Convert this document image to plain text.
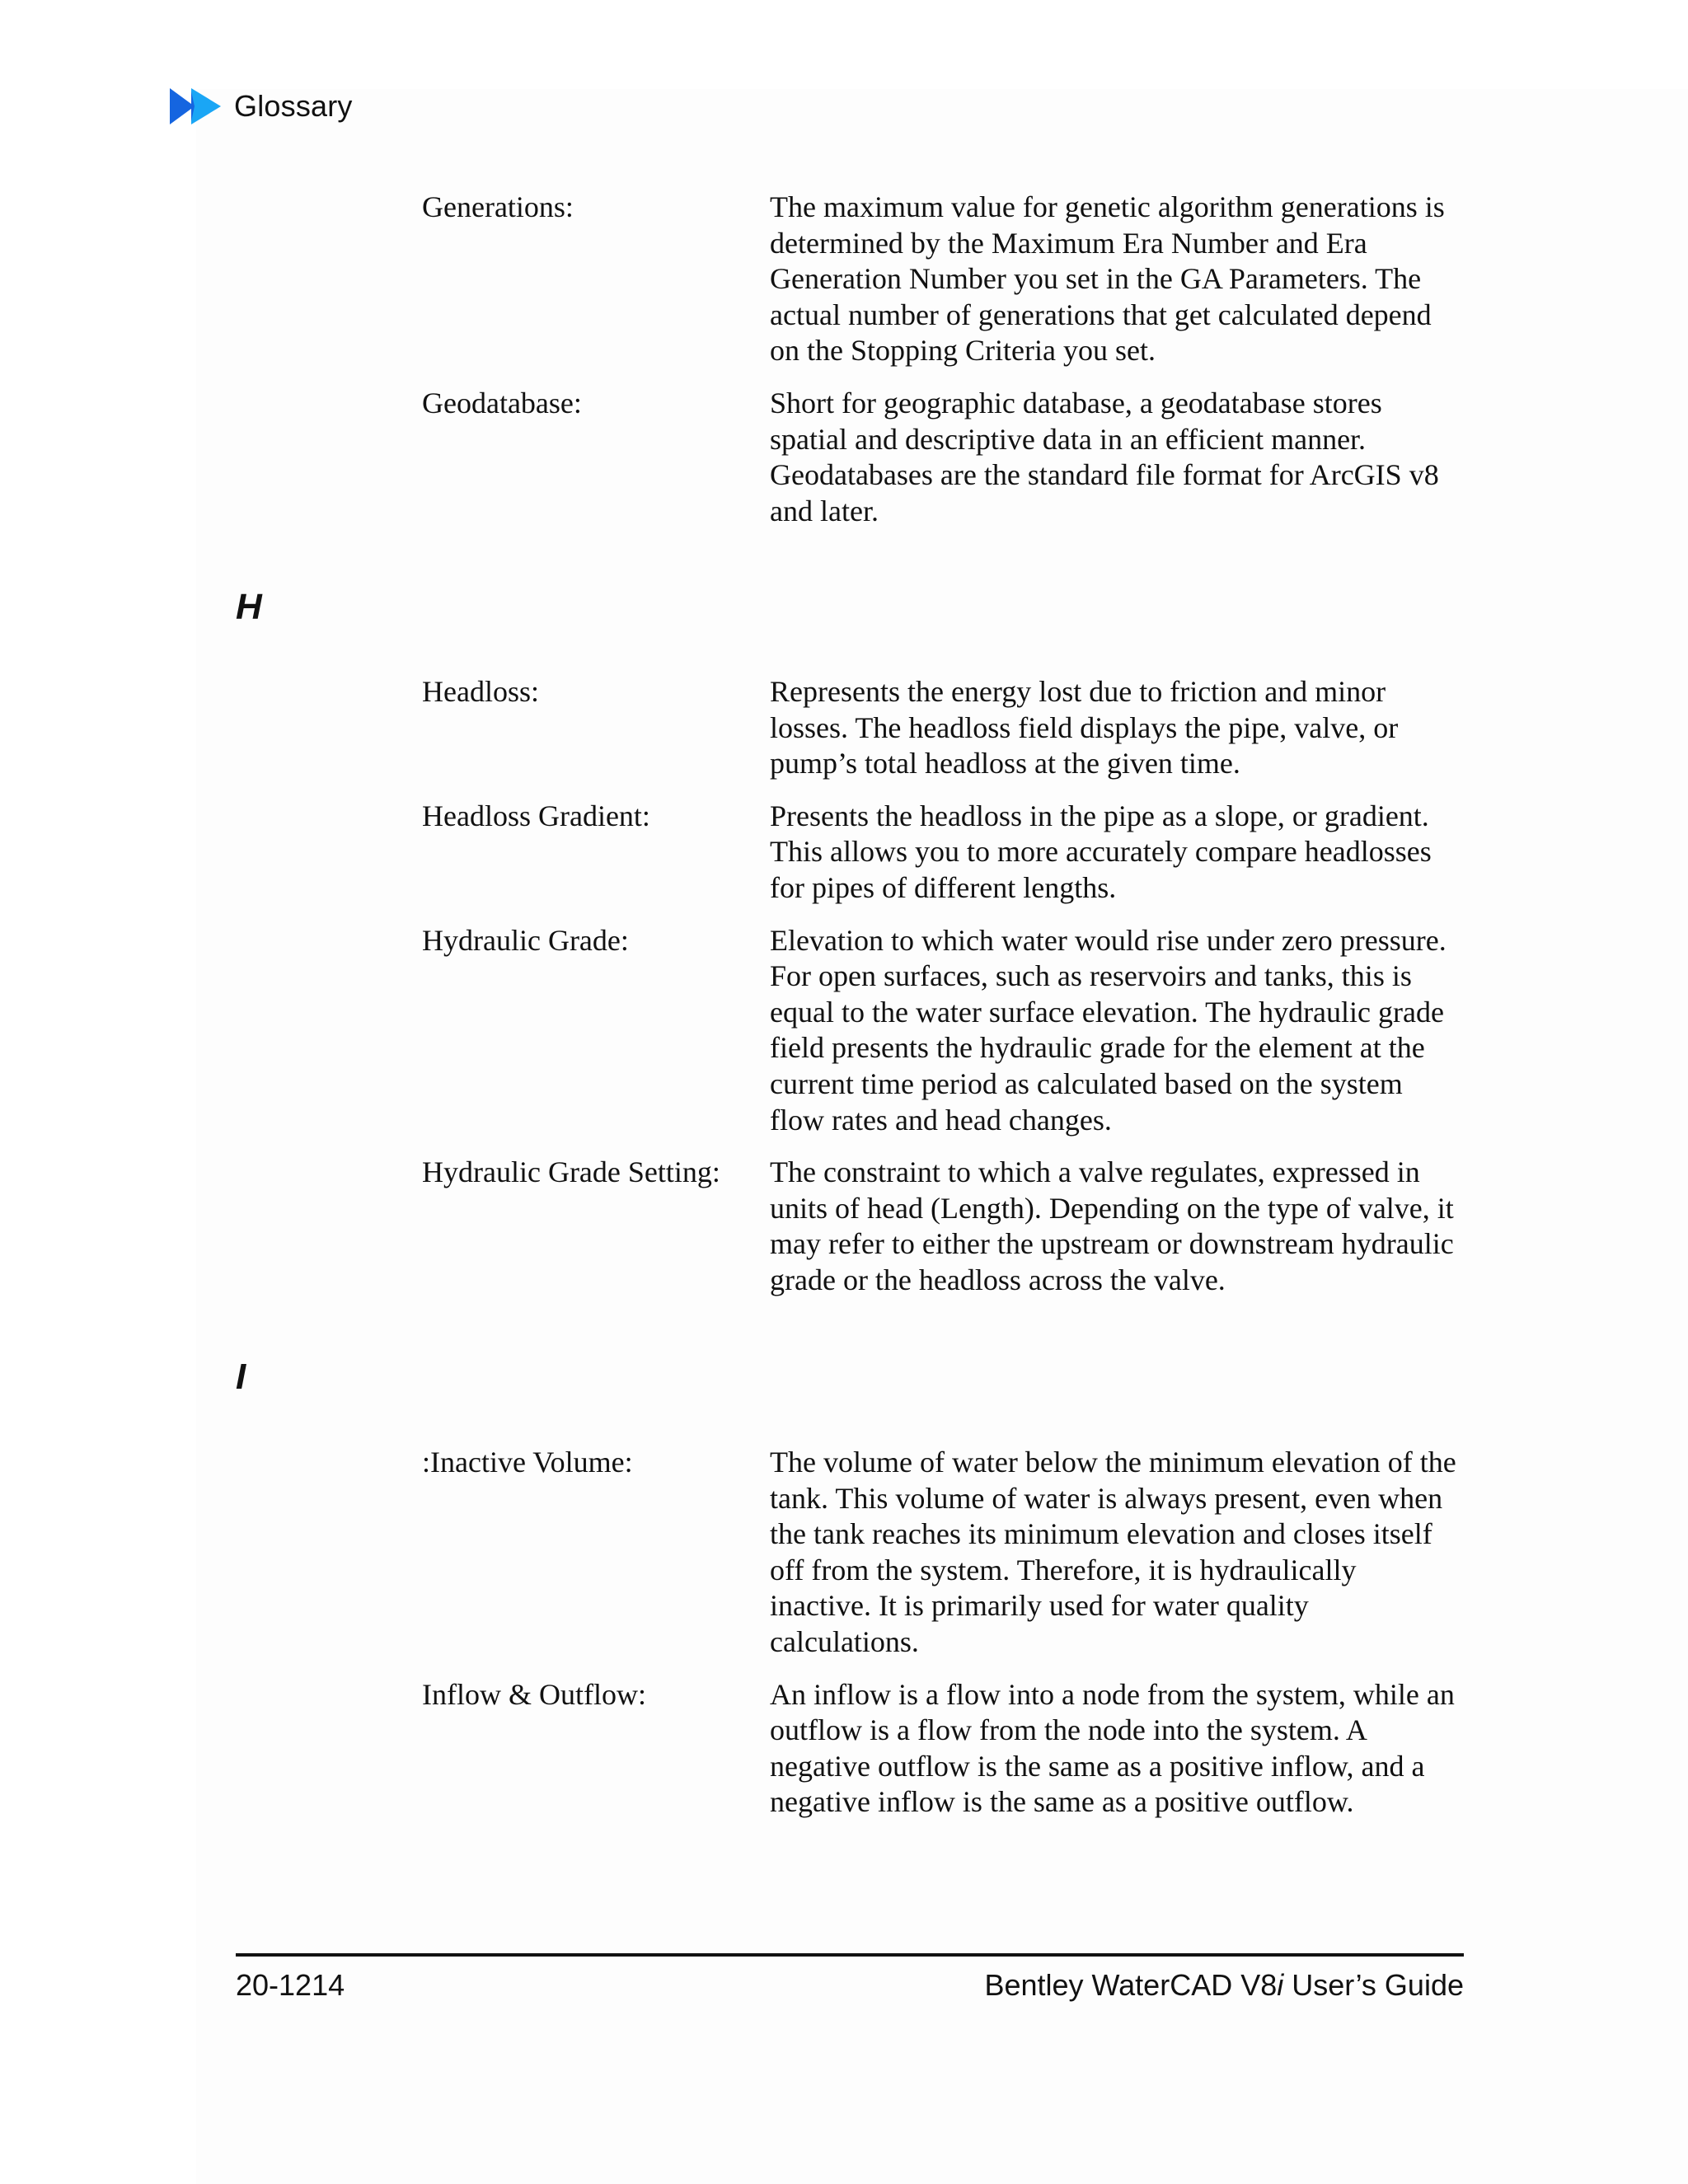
Glossary
Generations:	The maximum value for genetic algorithm generations is determined by the Maximum Era Number and Era Generation Number you set in the GA Parameters. The actual number of generations that get calculated depend on the Stopping Criteria you set.
Geodatabase:	Short for geographic database, a geodatabase stores spatial and descriptive data in an efficient manner. Geodatabases are the standard file format for ArcGIS v8 and later.
H
Headloss:	Represents the energy lost due to friction and minor losses. The headloss field displays the pipe, valve, or pump’s total headloss at the given time.
Headloss Gradient:	Presents the headloss in the pipe as a slope, or gradient. This allows you to more accurately compare headlosses for pipes of different lengths.
Hydraulic Grade:	Elevation to which water would rise under zero pressure. For open surfaces, such as reservoirs and tanks, this is equal to the water surface elevation. The hydraulic grade field presents the hydraulic grade for the element at the current time period as calculated based on the system flow rates and head changes.
Hydraulic Grade Setting:	The constraint to which a valve regulates, expressed in units of head (Length). Depending on the type of valve, it may refer to either the upstream or downstream hydraulic grade or the headloss across the valve.
I
:Inactive Volume:	The volume of water below the minimum elevation of the tank. This volume of water is always present, even when the tank reaches its minimum elevation and closes itself off from the system. Therefore, it is hydraulically inactive. It is primarily used for water quality calculations.
Inflow & Outflow:	An inflow is a flow into a node from the system, while an outflow is a flow from the node into the system. A negative outflow is the same as a positive inflow, and a negative inflow is the same as a positive outflow.
20-1214	Bentley WaterCAD V8i User’s Guide
